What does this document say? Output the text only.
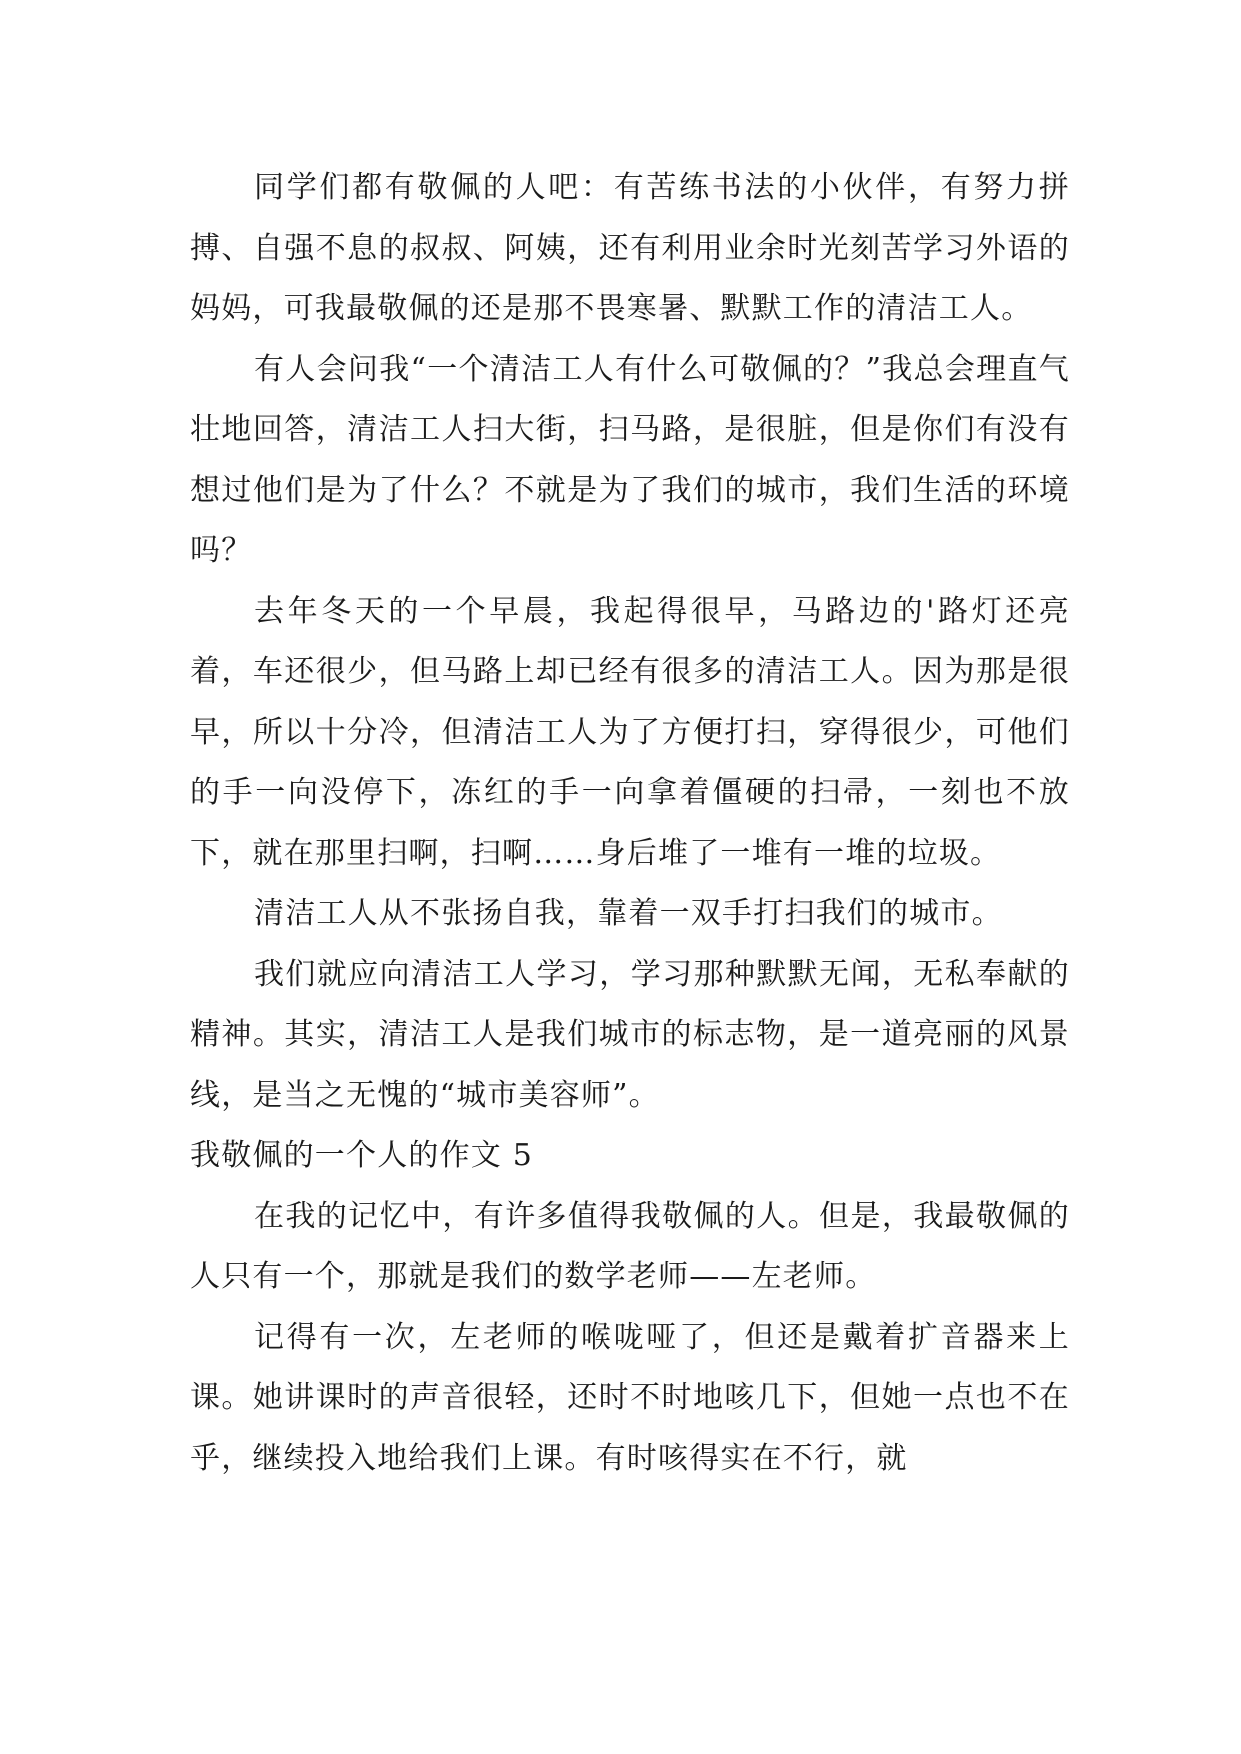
同学们都有敬佩的人吧：有苦练书法的小伙伴，有努力拼搏、自强不息的叔叔、阿姨，还有利用业余时光刻苦学习外语的妈妈，可我最敬佩的还是那不畏寒暑、默默工作的清洁工人。

有人会问我“一个清洁工人有什么可敬佩的？”我总会理直气壮地回答，清洁工人扫大街，扫马路，是很脏，但是你们有没有想过他们是为了什么？不就是为了我们的城市，我们生活的环境吗？

去年冬天的一个早晨，我起得很早，马路边的'路灯还亮着，车还很少，但马路上却已经有很多的清洁工人。因为那是很早，所以十分冷，但清洁工人为了方便打扫，穿得很少，可他们的手一向没停下，冻红的手一向拿着僵硬的扫帚，一刻也不放下，就在那里扫啊，扫啊……身后堆了一堆有一堆的垃圾。

清洁工人从不张扬自我，靠着一双手打扫我们的城市。

我们就应向清洁工人学习，学习那种默默无闻，无私奉献的精神。其实，清洁工人是我们城市的标志物，是一道亮丽的风景线，是当之无愧的“城市美容师”。

我敬佩的一个人的作文 5

在我的记忆中，有许多值得我敬佩的人。但是，我最敬佩的人只有一个，那就是我们的数学老师——左老师。

记得有一次，左老师的喉咙哑了，但还是戴着扩音器来上课。她讲课时的声音很轻，还时不时地咳几下，但她一点也不在乎，继续投入地给我们上课。有时咳得实在不行，就
